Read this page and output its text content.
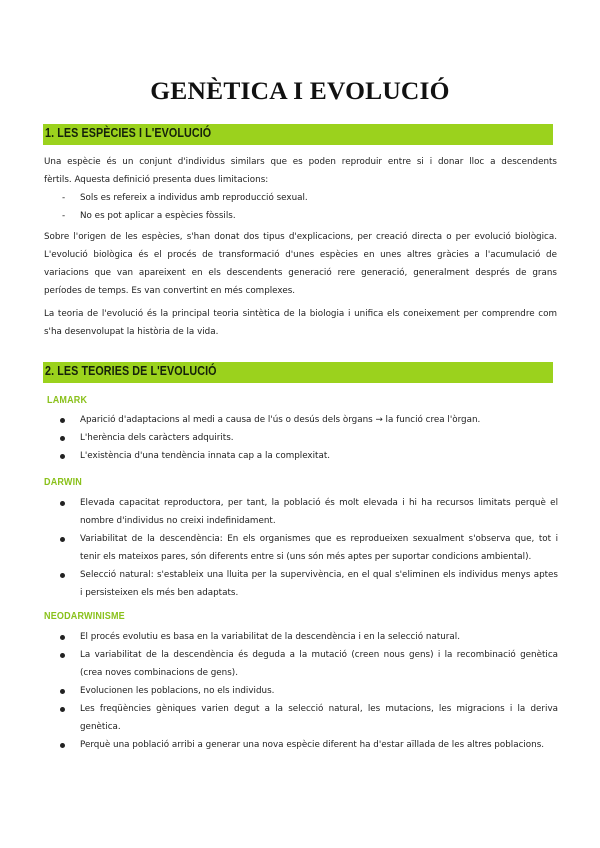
GENÈTICA I EVOLUCIÓ
1. LES ESPÈCIES I L'EVOLUCIÓ
Una espècie és un conjunt d'individus similars que es poden reproduir entre si i donar lloc a descendents
fèrtils. Aquesta definició presenta dues limitacions:
- Sols es refereix a individus amb reproducció sexual.
- No es pot aplicar a espècies fòssils.
Sobre l'origen de les espècies, s'han donat dos tipus d'explicacions, per creació directa o per evolució biològica.
L'evolució biològica és el procés de transformació d'unes espècies en unes altres gràcies a l'acumulació de
variacions que van apareixent en els descendents generació rere generació, generalment després de grans
períodes de temps. Es van convertint en més complexes.
La teoria de l'evolució és la principal teoria sintètica de la biologia i unifica els coneixement per comprendre com
s'ha desenvolupat la història de la vida.
2. LES TEORIES DE L'EVOLUCIÓ
LAMARK
Aparició d'adaptacions al medi a causa de l'ús o desús dels òrgans → la funció crea l'òrgan.
L'herència dels caràcters adquirits.
L'existència d'una tendència innata cap a la complexitat.
DARWIN
Elevada capacitat reproductora, per tant, la població és molt elevada i hi ha recursos limitats perquè el
nombre d'individus no creixi indefinidament.
Variabilitat de la descendència: En els organismes que es reprodueixen sexualment s'observa que, tot i
tenir els mateixos pares, són diferents entre si (uns són més aptes per suportar condicions ambiental).
Selecció natural: s'estableix una lluita per la supervivència, en el qual s'eliminen els individus menys aptes
i persisteixen els més ben adaptats.
NEODARWINISME
El procés evolutiu es basa en la variabilitat de la descendència i en la selecció natural.
La variabilitat de la descendència és deguda a la mutació (creen nous gens) i la recombinació genètica
(crea noves combinacions de gens).
Evolucionen les poblacions, no els individus.
Les freqüències gèniques varien degut a la selecció natural, les mutacions, les migracions i la deriva
genètica.
Perquè una població arribi a generar una nova espècie diferent ha d'estar aïllada de les altres poblacions.
